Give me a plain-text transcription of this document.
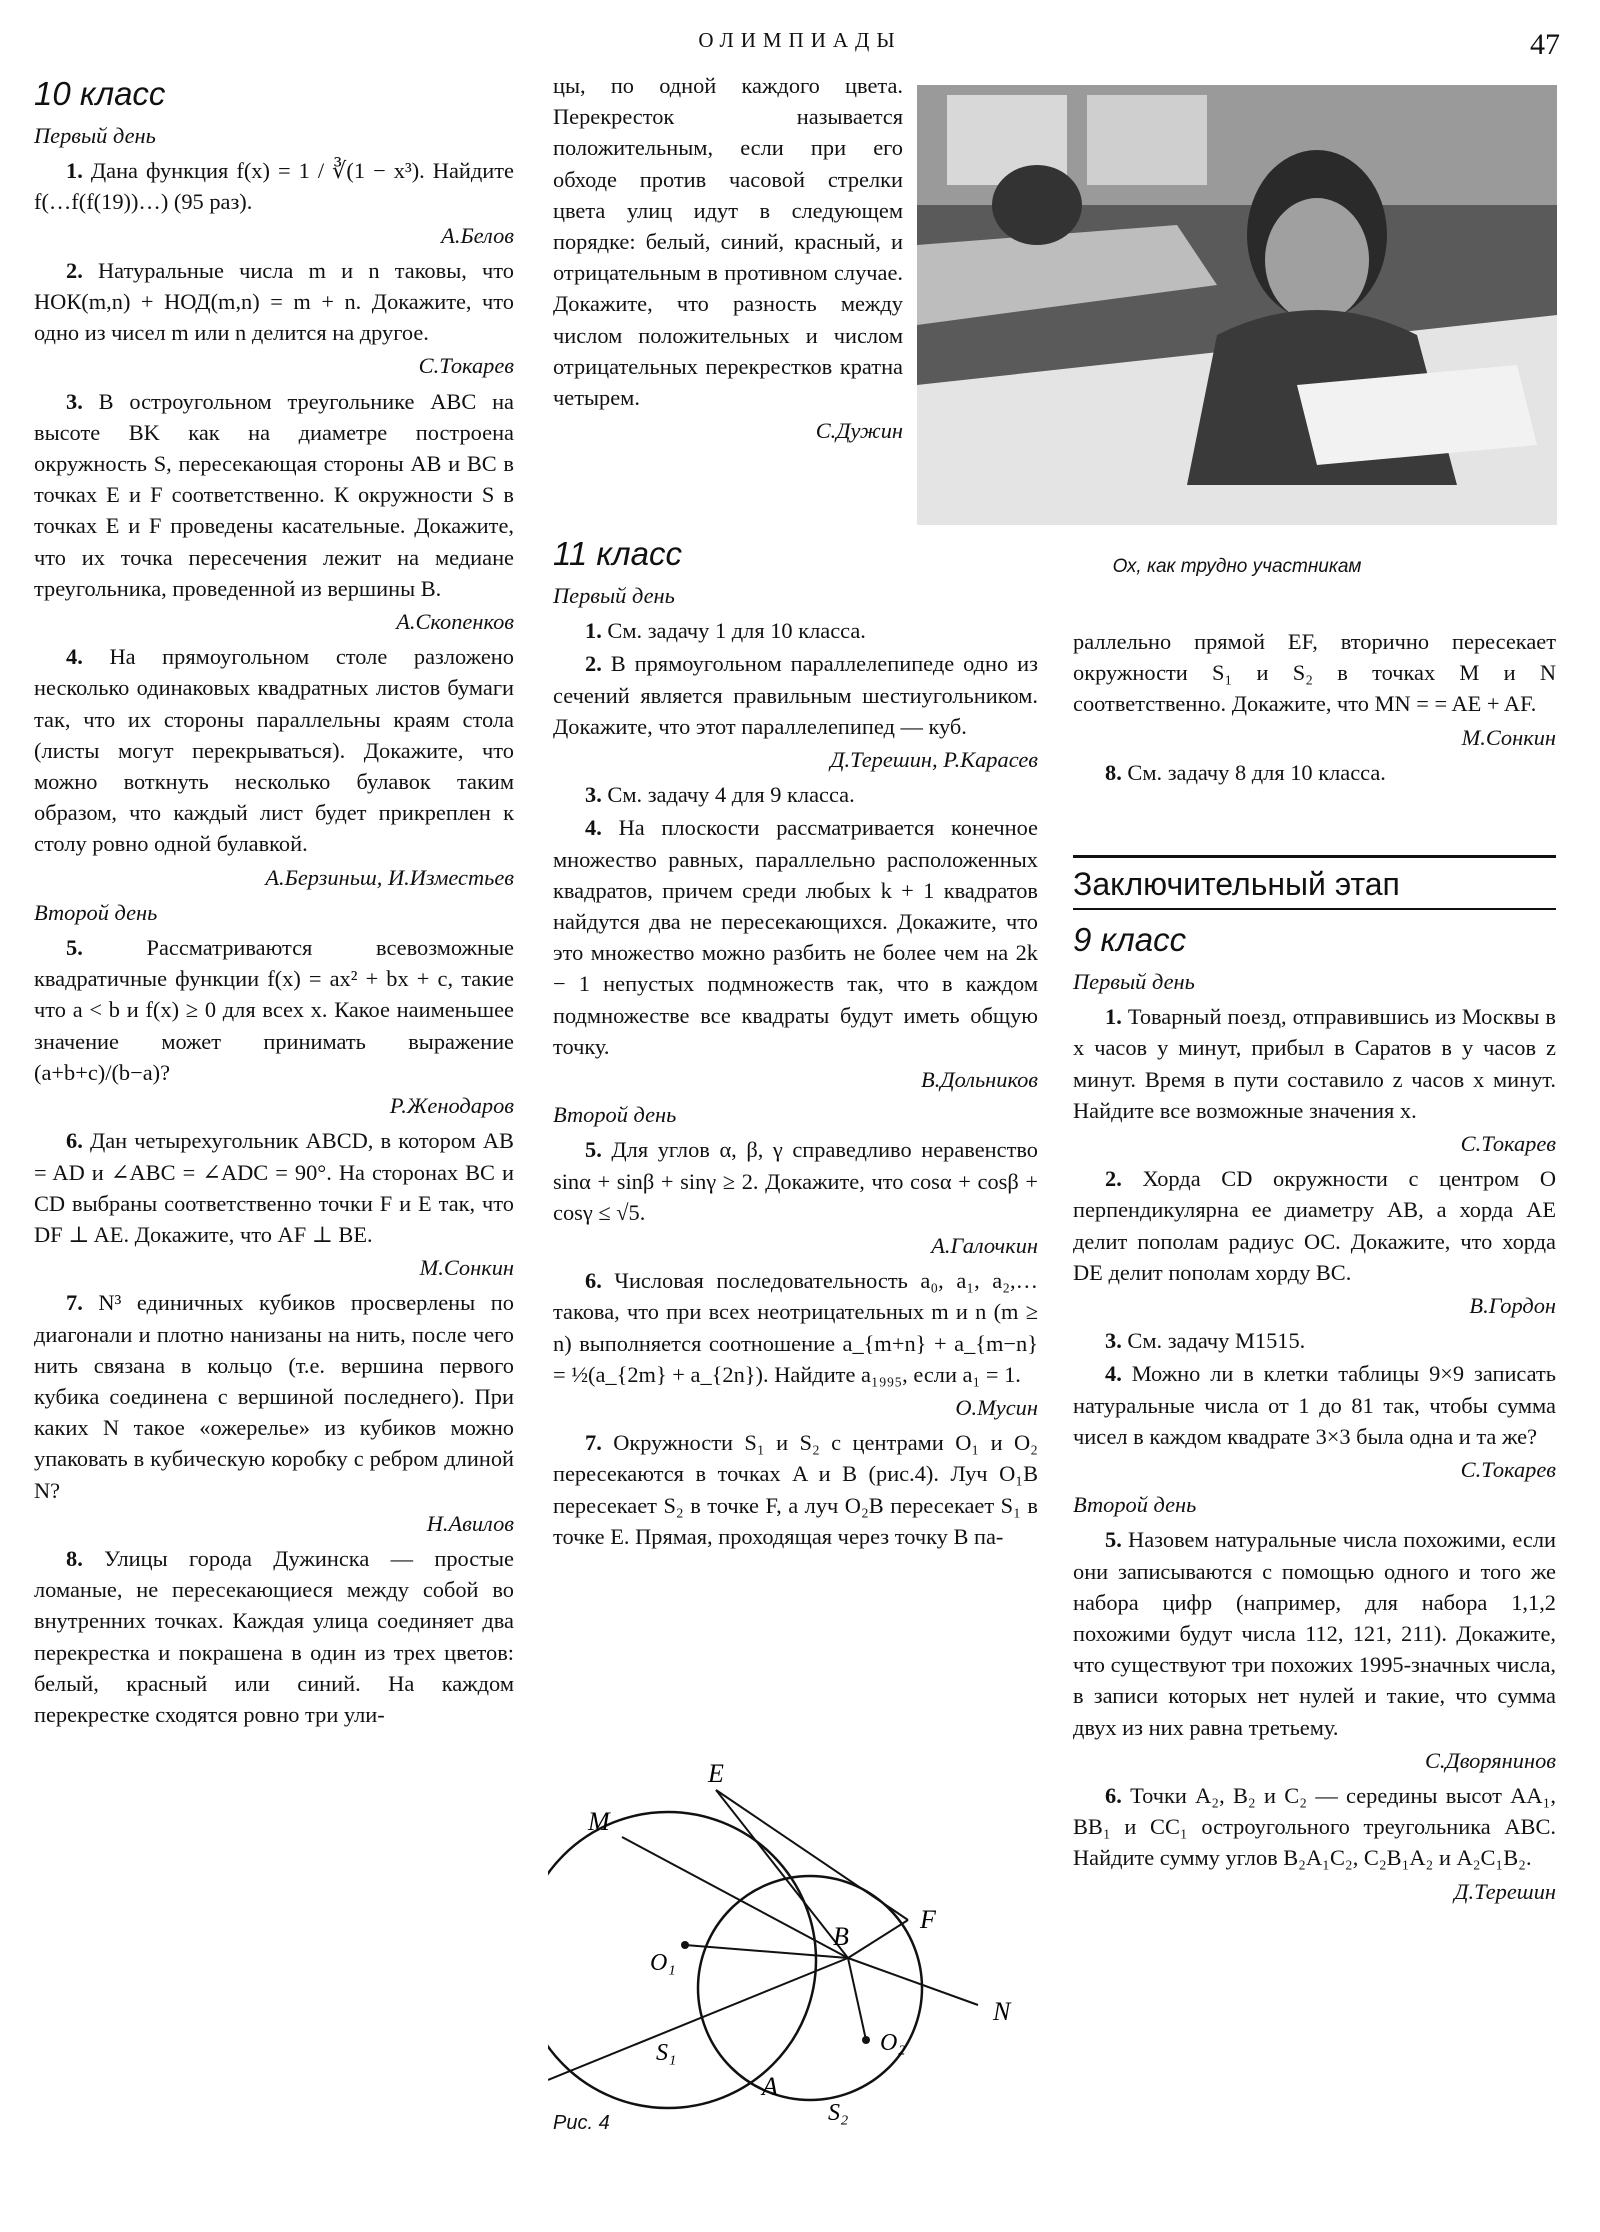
ОЛИМПИАДЫ	47
10 класс
Первый день

1. Дана функция f(x) = 1 / ∛(1 − x³). Найдите f(…f(f(19))…) (95 раз).

А.Белов

2. Натуральные числа m и n таковы, что НОК(m,n) + НОД(m,n) = m + n. Докажите, что одно из чисел m или n делится на другое.

С.Токарев

3. В остроугольном треугольнике ABC на высоте BK как на диаметре построена окружность S, пересекающая стороны AB и BC в точках E и F соответственно. К окружности S в точках E и F проведены касательные. Докажите, что их точка пересечения лежит на медиане треугольника, проведенной из вершины B.

А.Скопенков

4. На прямоугольном столе разложено несколько одинаковых квадратных листов бумаги так, что их стороны параллельны краям стола (листы могут перекрываться). Докажите, что можно воткнуть несколько булавок таким образом, что каждый лист будет прикреплен к столу ровно одной булавкой.

А.Берзиньш, И.Изместьев
Второй день

5.	Рассматриваются всевозможные квадратичные функции f(x) = ax² + bx + c, такие что a < b и f(x) ≥ 0 для всех x. Какое наименьшее значение может принимать выражение (a+b+c)/(b−a)?

Р.Женодаров

6. Дан четырехугольник ABCD, в котором AB = AD и ∠ABC = ∠ADC = 90°. На сторонах BC и CD выбраны соответственно точки F и E так, что DF ⊥ AE. Докажите, что AF ⊥ BE.

М.Сонкин

7. N³ единичных кубиков просверлены по диагонали и плотно нанизаны на нить, после чего нить связана в кольцо (т.е. вершина первого кубика соединена с вершиной последнего). При каких N такое «ожерелье» из кубиков можно упаковать в кубическую коробку с ребром длиной N?

Н.Авилов

8. Улицы города Дужинска — простые ломаные, не пересекающиеся между собой во внутренних точках. Каждая улица соединяет два перекрестка и покрашена в один из трех цветов: белый, красный или синий. На каждом перекрестке сходятся ровно три ули-

цы, по одной каждого цвета. Перекресток называется положительным, если при его обходе против часовой стрелки цвета улиц идут в следующем порядке: белый, синий, красный, и отрицательным в противном случае. Докажите, что разность между числом положительных и числом отрицательных перекрестков кратна четырем.

С.Дужин
Ох, как трудно участникам
11 класс
Первый день

1. См. задачу 1 для 10 класса.

2. В прямоугольном параллелепипеде одно из сечений является правильным шестиугольником. Докажите, что этот параллелепипед — куб.

Д.Терешин, Р.Карасев

3. См. задачу 4 для 9 класса.

4. На плоскости рассматривается конечное множество равных, параллельно расположенных квадратов, причем среди любых k + 1 квадратов найдутся два не пересекающихся. Докажите, что это множество можно разбить не более чем на 2k − 1 непустых подмножеств так, что в каждом подмножестве все квадраты будут иметь общую точку.

В.Дольников
Второй день

5. Для углов α, β, γ справедливо неравенство sinα + sinβ + sinγ ≥ 2. Докажите, что cosα + cosβ + cosγ ≤ √5.

А.Галочкин

6. Числовая последовательность a₀, a₁, a₂,… такова, что при всех неотрицательных m и n (m ≥ n) выполняется соотношение a_{m+n} + a_{m−n} = ½(a_{2m} + a_{2n}). Найдите a₁₉₉₅, если a₁ = 1.

О.Мусин

7. Окружности S₁ и S₂ с центрами O₁ и O₂ пересекаются в точках A и B (рис.4). Луч O₁B пересекает S₂ в точке F, а луч O₂B пересекает S₁ в точке E. Прямая, проходящая через точку B па-

M
E
F
B
N
O₁
O₂
S₁
S₂
A
Рис. 4

раллельно прямой EF, вторично пересекает окружности S₁ и S₂ в точках M и N соответственно. Докажите, что MN = = AE + AF.

М.Сонкин

8. См. задачу 8 для 10 класса.

Заключительный этап
9 класс
Первый день

1. Товарный поезд, отправившись из Москвы в x часов y минут, прибыл в Саратов в y часов z минут. Время в пути составило z часов x минут. Найдите все возможные значения x.

С.Токарев

2. Хорда CD окружности с центром O перпендикулярна ее диаметру AB, а хорда AE делит пополам радиус OC. Докажите, что хорда DE делит пополам хорду BC.

В.Гордон

3. См. задачу М1515.

4. Можно ли в клетки таблицы 9×9 записать натуральные числа от 1 до 81 так, чтобы сумма чисел в каждом квадрате 3×3 была одна и та же?

С.Токарев
Второй день

5. Назовем натуральные числа похожими, если они записываются с помощью одного и того же набора цифр (например, для набора 1,1,2 похожими будут числа 112, 121, 211). Докажите, что существуют три похожих 1995-значных числа, в записи которых нет нулей и такие, что сумма двух из них равна третьему.

С.Дворянинов

6. Точки A₂, B₂ и C₂ — середины высот AA₁, BB₁ и CC₁ остроугольного треугольника ABC. Найдите сумму углов B₂A₁C₂, C₂B₁A₂ и A₂C₁B₂.

Д.Терешин
